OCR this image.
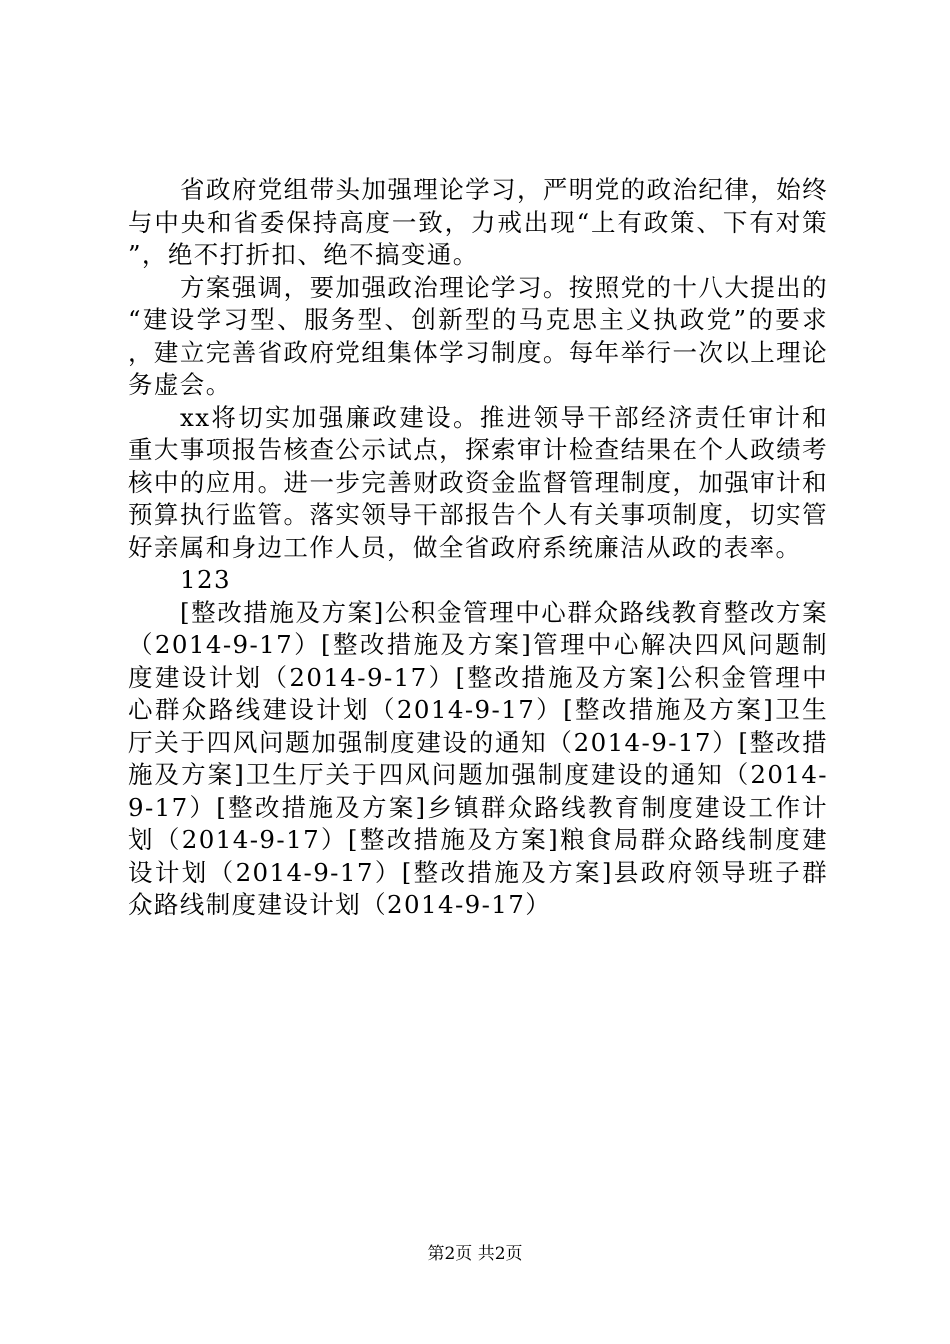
省政府党组带头加强理论学习，严明党的政治纪律，始终与中央和省委保持高度一致，力戒出现“上有政策、下有对策”，绝不打折扣、绝不搞变通。

方案强调，要加强政治理论学习。按照党的十八大提出的“建设学习型、服务型、创新型的马克思主义执政党”的要求，建立完善省政府党组集体学习制度。每年举行一次以上理论务虚会。

xx将切实加强廉政建设。推进领导干部经济责任审计和重大事项报告核查公示试点，探索审计检查结果在个人政绩考核中的应用。进一步完善财政资金监督管理制度，加强审计和预算执行监管。落实领导干部报告个人有关事项制度，切实管好亲属和身边工作人员，做全省政府系统廉洁从政的表率。

123

[整改措施及方案]公积金管理中心群众路线教育整改方案（2014-9-17）[整改措施及方案]管理中心解决四风问题制度建设计划（2014-9-17）[整改措施及方案]公积金管理中心群众路线建设计划（2014-9-17）[整改措施及方案]卫生厅关于四风问题加强制度建设的通知（2014-9-17）[整改措施及方案]卫生厅关于四风问题加强制度建设的通知（2014-9-17）[整改措施及方案]乡镇群众路线教育制度建设工作计划（2014-9-17）[整改措施及方案]粮食局群众路线制度建设计划（2014-9-17）[整改措施及方案]县政府领导班子群众路线制度建设计划（2014-9-17）

第2页 共2页
